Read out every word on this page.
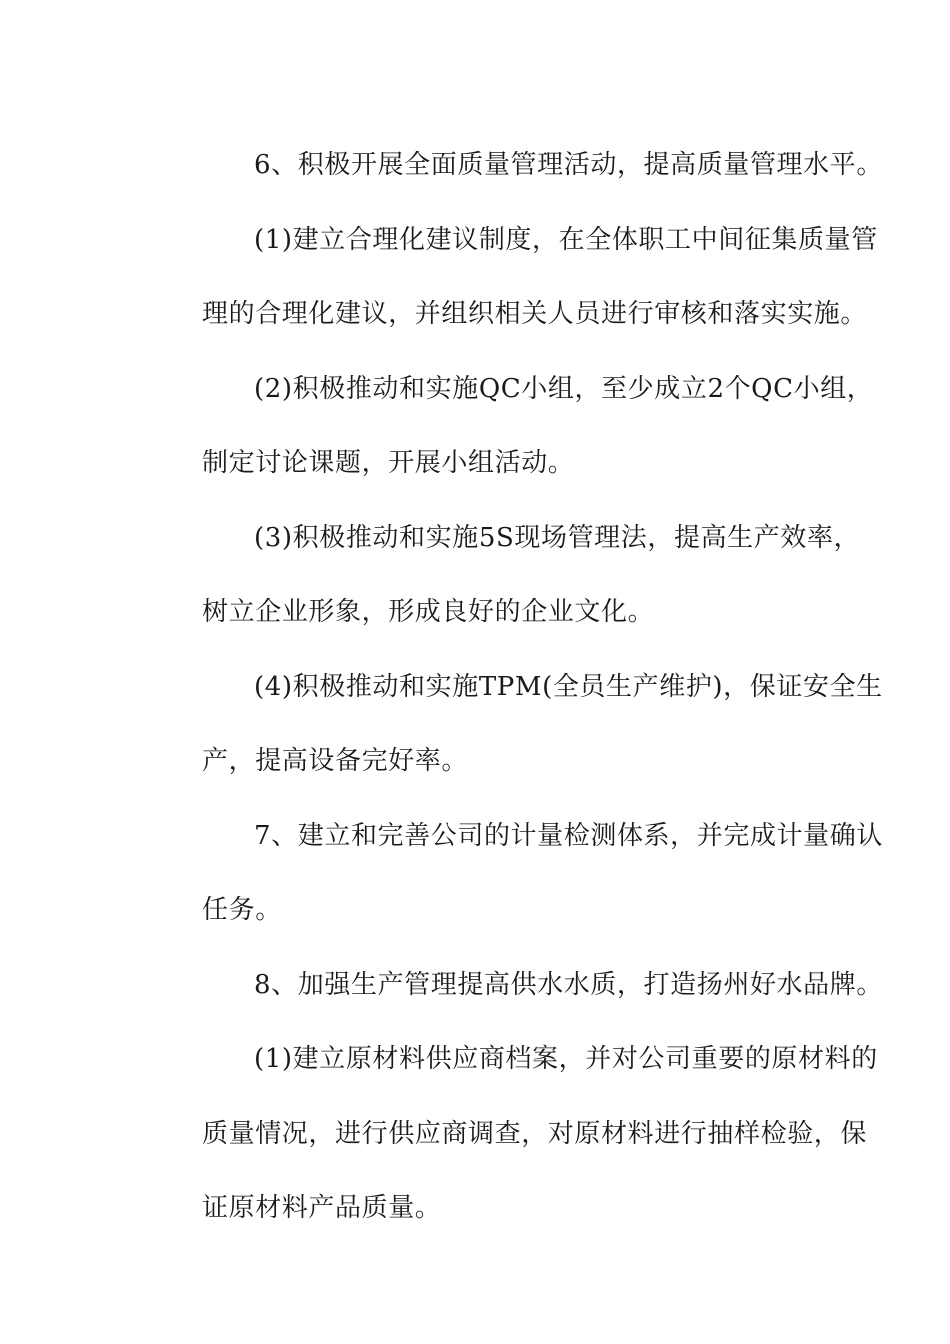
6、积极开展全面质量管理活动，提高质量管理水平。
(1)建立合理化建议制度，在全体职工中间征集质量管
理的合理化建议，并组织相关人员进行审核和落实实施。
(2)积极推动和实施QC小组，至少成立2个QC小组，
制定讨论课题，开展小组活动。
(3)积极推动和实施5S现场管理法，提高生产效率，
树立企业形象，形成良好的企业文化。
(4)积极推动和实施TPM(全员生产维护)，保证安全生
产，提高设备完好率。
7、建立和完善公司的计量检测体系，并完成计量确认
任务。
8、加强生产管理提高供水水质，打造扬州好水品牌。
(1)建立原材料供应商档案，并对公司重要的原材料的
质量情况，进行供应商调查，对原材料进行抽样检验，保
证原材料产品质量。
